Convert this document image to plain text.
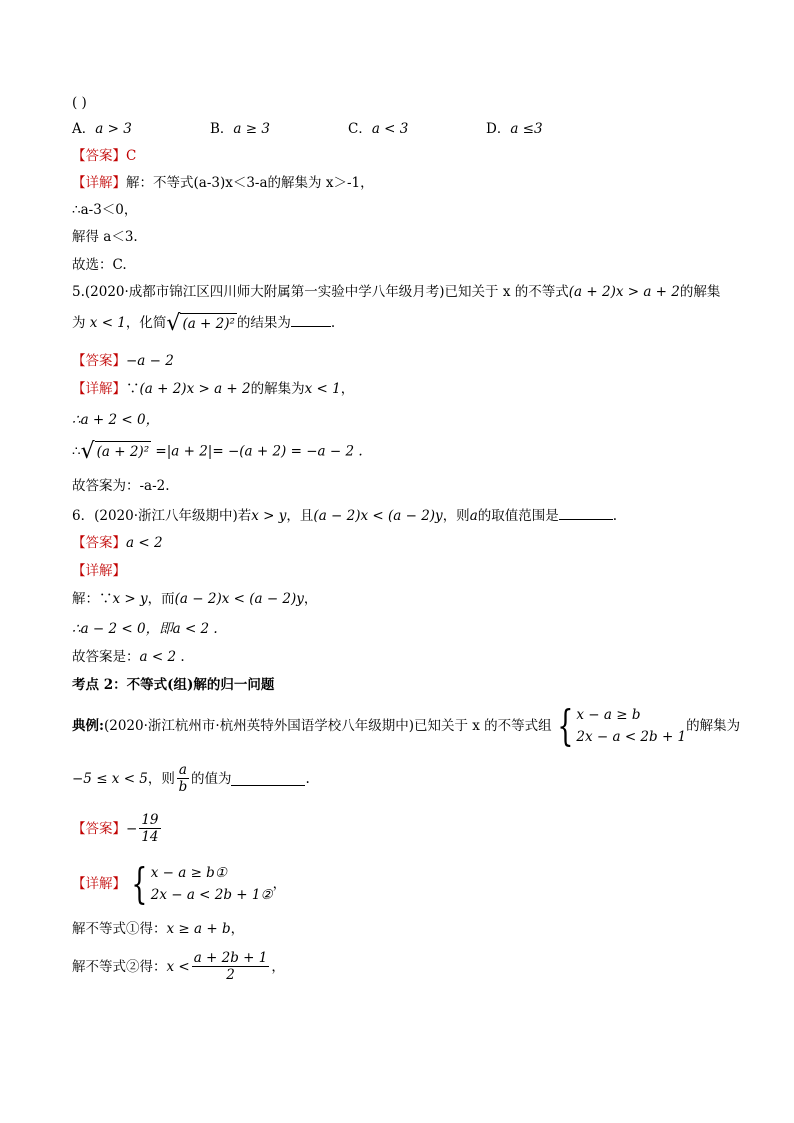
( )
A．a > 3	B．a ≥ 3	C．a < 3	D．a ≤3
【答案】C
【详解】解：不等式(a-3)x＜3-a的解集为 x＞-1，
∴a-3＜0，
解得 a＜3.
故选：C.
5.(2020·成都市锦江区四川师大附属第一实验中学八年级月考)已知关于 x 的不等式(a + 2)x > a + 2的解集
为 x < 1，化简 √ (a + 2)² 的结果为	.
【答案】−a − 2
【详解】∵(a + 2)x > a + 2的解集为x < 1，
∴a + 2 < 0，
∴ √ (a + 2)² =|a + 2|= −(a + 2) = −a − 2 .
故答案为：-a-2.
6．(2020·浙江八年级期中)若x > y，且(a − 2)x < (a − 2)y，则a的取值范围是	.
【答案】a < 2
【详解】
解：∵x > y，而(a − 2)x < (a − 2)y，
∴a − 2 < 0，即a < 2 .
故答案是：a < 2 .
考点 2：不等式(组)解的归一问题
典例: (2020·浙江杭州市·杭州英特外国语学校八年级期中)已知关于 x 的不等式组 { x − a ≥ b
2x − a < 2b + 1
的解集为
−5 ≤ x < 5 ，则 $\frac{a}{b}$ 的值为	.
【答案】 − $\frac{19}{14}$
【详解】 { x − a ≥ b①
2x − a < 2b + 1②
，
解不等式①得：x ≥ a + b，
解不等式②得： $x < \frac{a + 2b + 1}{2}$ ，
